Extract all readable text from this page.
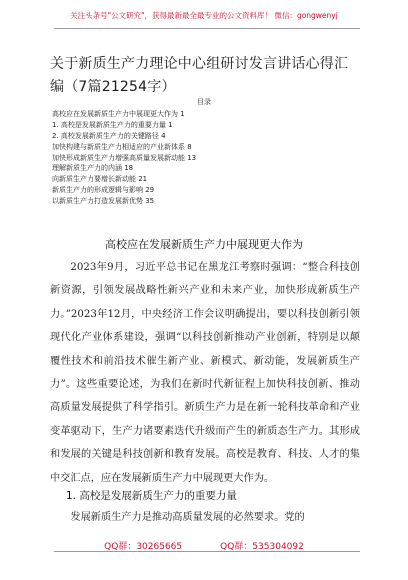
关注头条号"公文研究"，获得最新最全最专业的公文资料库！ 微信：gongwenyj
关于新质生产力理论中心组研讨发言讲话心得汇编（7篇21254字）
目录
高校应在发展新质生产力中展现更大作为 1
1. 高校是发展新质生产力的重要力量 1
2. 高校发展新质生产力的关键路径 4
加快构建与新质生产力相适应的产业新体系 8
加快形成新质生产力增强高质量发展新动能 13
理解新质生产力的内涵 18
向新质生产力要增长新动能 21
新质生产力的形成逻辑与影响 29
以新质生产力打造发展新优势 35
高校应在发展新质生产力中展现更大作为

2023年9月，习近平总书记在黑龙江考察时强调：“整合科技创新资源，引领发展战略性新兴产业和未来产业，加快形成新质生产力。”2023年12月，中央经济工作会议明确提出，要以科技创新引领现代化产业体系建设，强调“以科技创新推动产业创新，特别是以颠覆性技术和前沿技术催生新产业、新模式、新动能，发展新质生产力”。这些重要论述，为我们在新时代新征程上加快科技创新、推动高质量发展提供了科学指引。新质生产力是在新一轮科技革命和产业变革驱动下，生产力诸要素迭代升级而产生的新质态生产力。其形成和发展的关键是科技创新和教育发展。高校是教育、科技、人才的集中交汇点，应在发展新质生产力中展现更大作为。

1. 高校是发展新质生产力的重要力量

发展新质生产力是推动高质量发展的必然要求。党的

QQ群：30265665	QQ群：535304092
